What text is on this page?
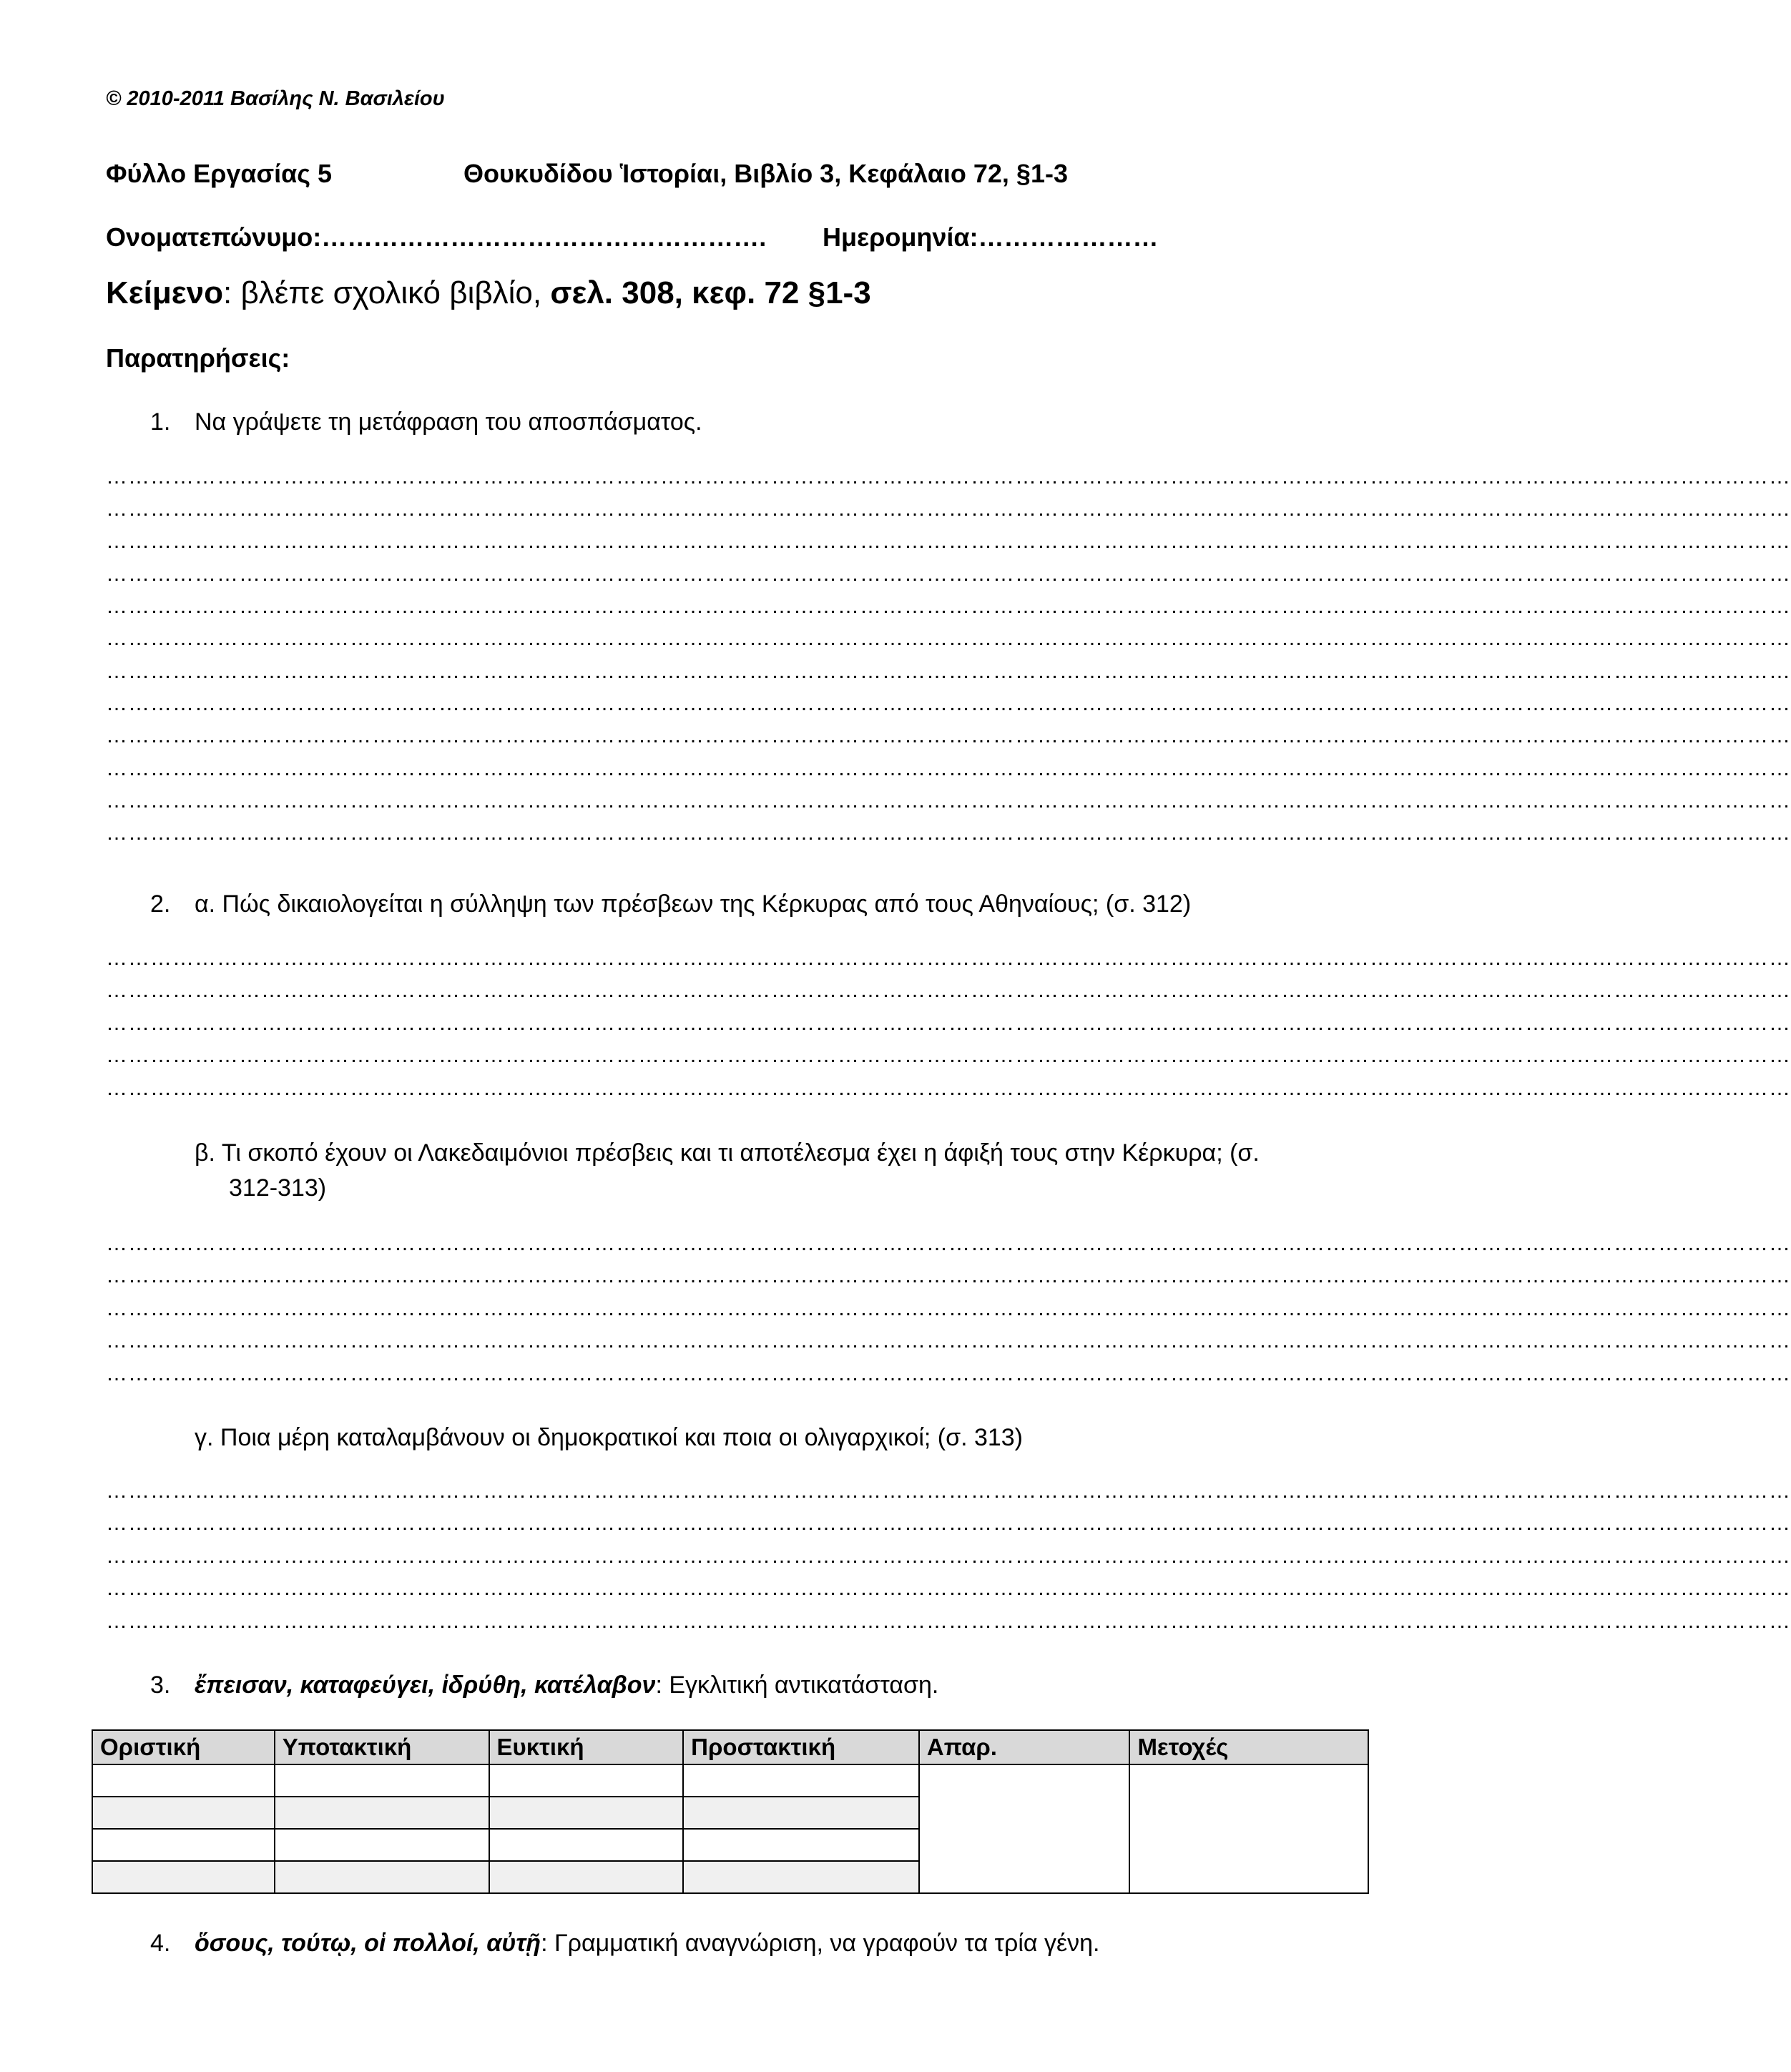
© 2010-2011 Βασίλης Ν. Βασιλείου
Φύλλο Εργασίας 5	Θουκυδίδου Ἱστορίαι, Βιβλίο 3, Κεφάλαιο 72, §1-3
Ονοματεπώνυμο:……………………………………………. Ημερομηνία:…………………
Κείμενο: βλέπε σχολικό βιβλίο, σελ. 308, κεφ. 72 §1-3
Παρατηρήσεις:
1. Να γράψετε τη μετάφραση του αποσπάσματος.
…………………………………………………………………………………………………………………………………………………………………………………………………………
…………………………………………………………………………………………………………………………………………………………………………………………………………
…………………………………………………………………………………………………………………………………………………………………………………………………………
…………………………………………………………………………………………………………………………………………………………………………………………………………
…………………………………………………………………………………………………………………………………………………………………………………………………………
…………………………………………………………………………………………………………………………………………………………………………………………………………
…………………………………………………………………………………………………………………………………………………………………………………………………………
…………………………………………………………………………………………………………………………………………………………………………………………………………
…………………………………………………………………………………………………………………………………………………………………………………………………………
…………………………………………………………………………………………………………………………………………………………………………………………………………
…………………………………………………………………………………………………………………………………………………………………………………………………………
…………………………………………………………………………………………………………………………………………………………………………………………………………
2. α. Πώς δικαιολογείται η σύλληψη των πρέσβεων της Κέρκυρας από τους Αθηναίους; (σ. 312)
…………………………………………………………………………………………………………………………………………………………………………………………………………
…………………………………………………………………………………………………………………………………………………………………………………………………………
…………………………………………………………………………………………………………………………………………………………………………………………………………
…………………………………………………………………………………………………………………………………………………………………………………………………………
…………………………………………………………………………………………………………………………………………………………………………………………………………
β. Τι σκοπό έχουν οι Λακεδαιμόνιοι πρέσβεις και τι αποτέλεσμα έχει η άφιξή τους στην Κέρκυρα; (σ.
312-313)
…………………………………………………………………………………………………………………………………………………………………………………………………………
…………………………………………………………………………………………………………………………………………………………………………………………………………
…………………………………………………………………………………………………………………………………………………………………………………………………………
…………………………………………………………………………………………………………………………………………………………………………………………………………
…………………………………………………………………………………………………………………………………………………………………………………………………………
γ. Ποια μέρη καταλαμβάνουν οι δημοκρατικοί και ποια οι ολιγαρχικοί; (σ. 313)
…………………………………………………………………………………………………………………………………………………………………………………………………………
…………………………………………………………………………………………………………………………………………………………………………………………………………
…………………………………………………………………………………………………………………………………………………………………………………………………………
…………………………………………………………………………………………………………………………………………………………………………………………………………
…………………………………………………………………………………………………………………………………………………………………………………………………………
3. ἔπεισαν, καταφεύγει, ἱδρύθη, κατέλαβον: Εγκλιτική αντικατάσταση.
Οριστική	Υποτακτική	Ευκτική	Προστακτική	Απαρ.	Μετοχές

4. ὅσους, τούτῳ, οἱ πολλοί, αὐτῇ: Γραμματική αναγνώριση, να γραφούν τα τρία γένη.
